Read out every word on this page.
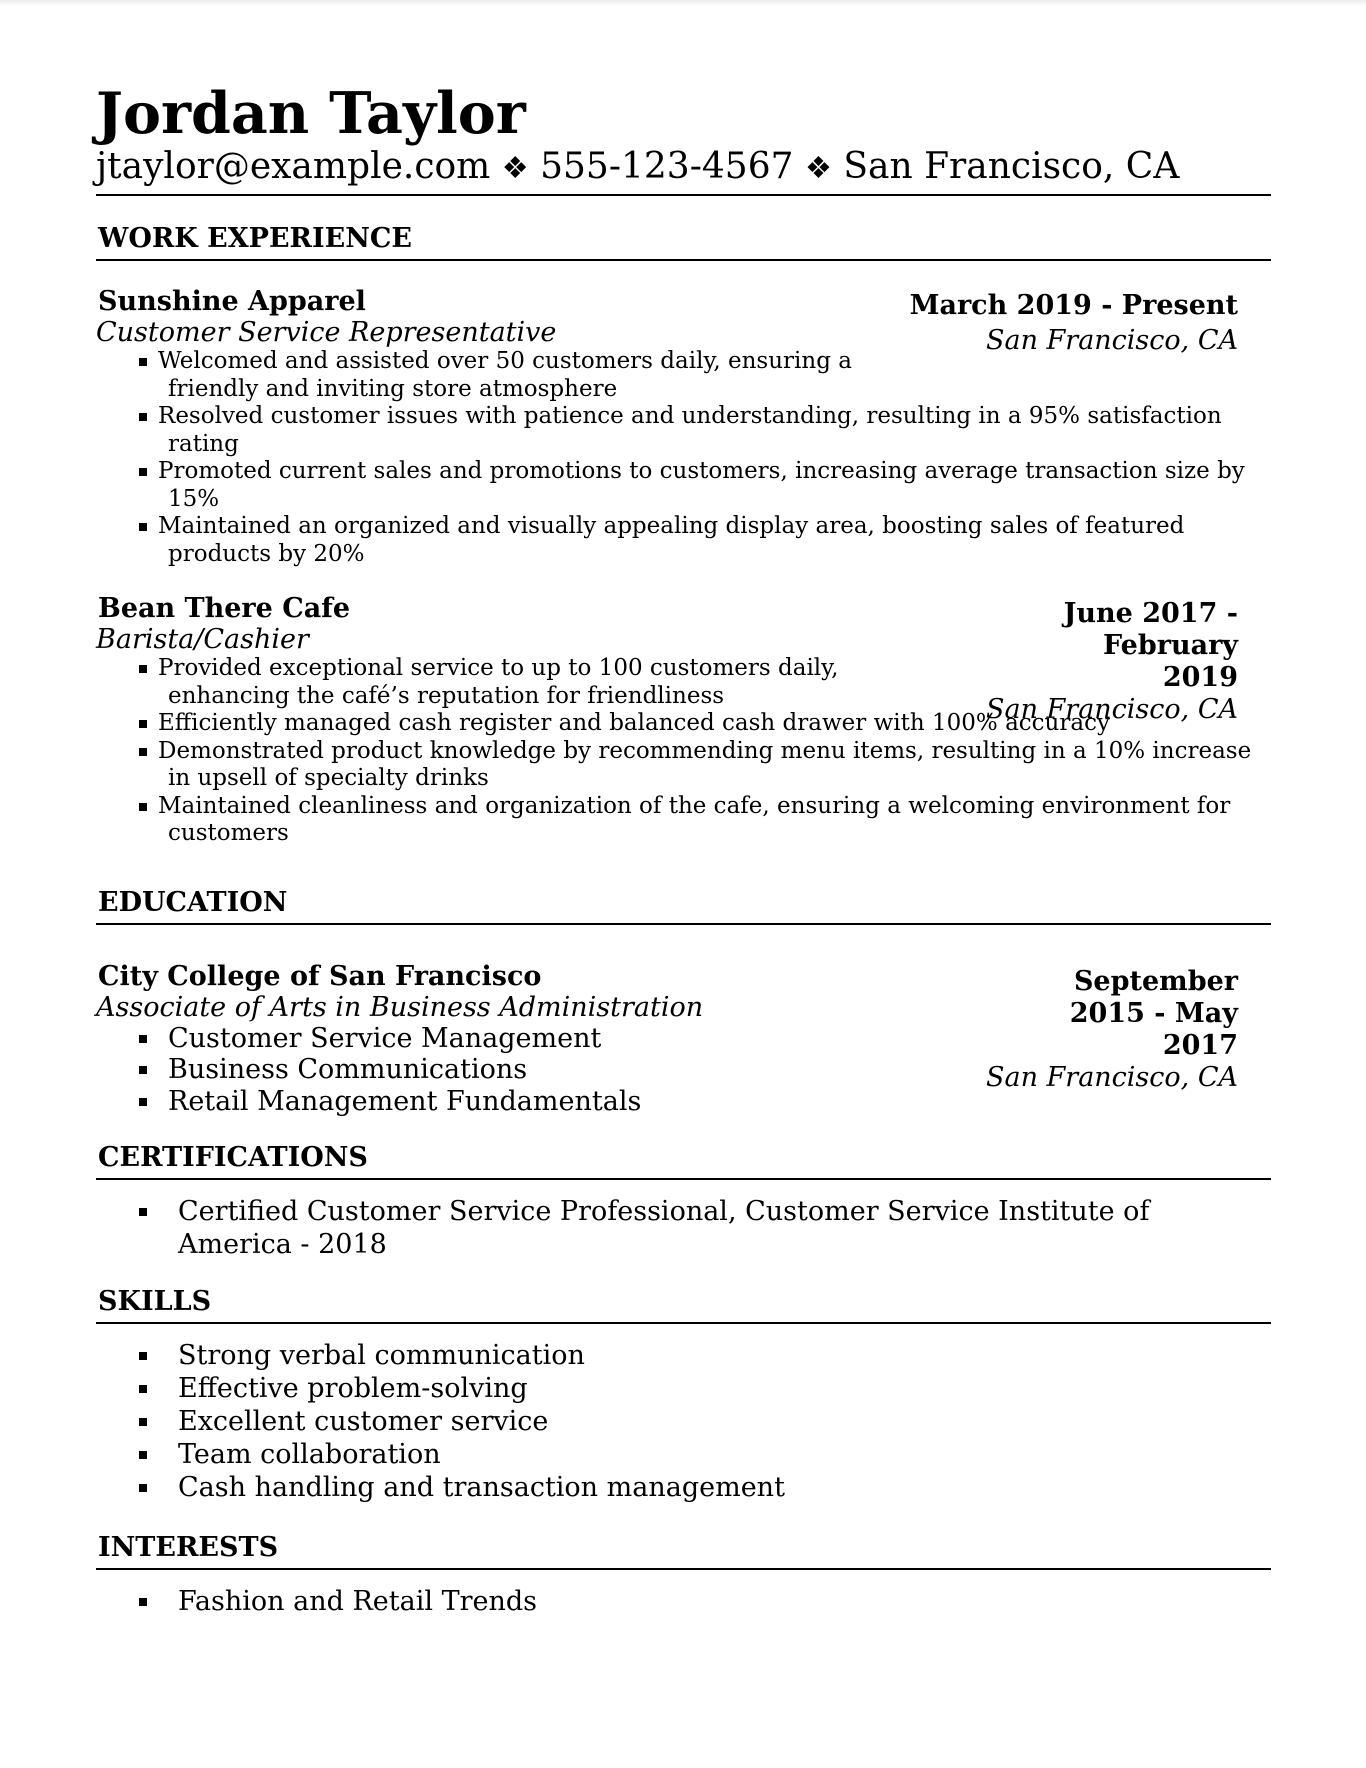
Jordan Taylor
jtaylor@example.com ❖ 555-123-4567 ❖ San Francisco, CA
WORK EXPERIENCE
March 2019 - Present
San Francisco, CA
Sunshine Apparel
Customer Service Representative
Welcomed and assisted over 50 customers daily, ensuring a friendly and inviting store atmosphere
Resolved customer issues with patience and understanding, resulting in a 95% satisfaction rating
Promoted current sales and promotions to customers, increasing average transaction size by 15%
Maintained an organized and visually appealing display area, boosting sales of featured products by 20%
June 2017 - February 2019
San Francisco, CA
Bean There Cafe
Barista/Cashier
Provided exceptional service to up to 100 customers daily, enhancing the café’s reputation for friendliness
Efficiently managed cash register and balanced cash drawer with 100% accuracy
Demonstrated product knowledge by recommending menu items, resulting in a 10% increase in upsell of specialty drinks
Maintained cleanliness and organization of the cafe, ensuring a welcoming environment for customers
EDUCATION
September 2015 - May 2017
San Francisco, CA
City College of San Francisco
Associate of Arts in Business Administration
Customer Service Management
Business Communications
Retail Management Fundamentals
CERTIFICATIONS
Certified Customer Service Professional, Customer Service Institute of America - 2018
SKILLS
Strong verbal communication
Effective problem-solving
Excellent customer service
Team collaboration
Cash handling and transaction management
INTERESTS
Fashion and Retail Trends
